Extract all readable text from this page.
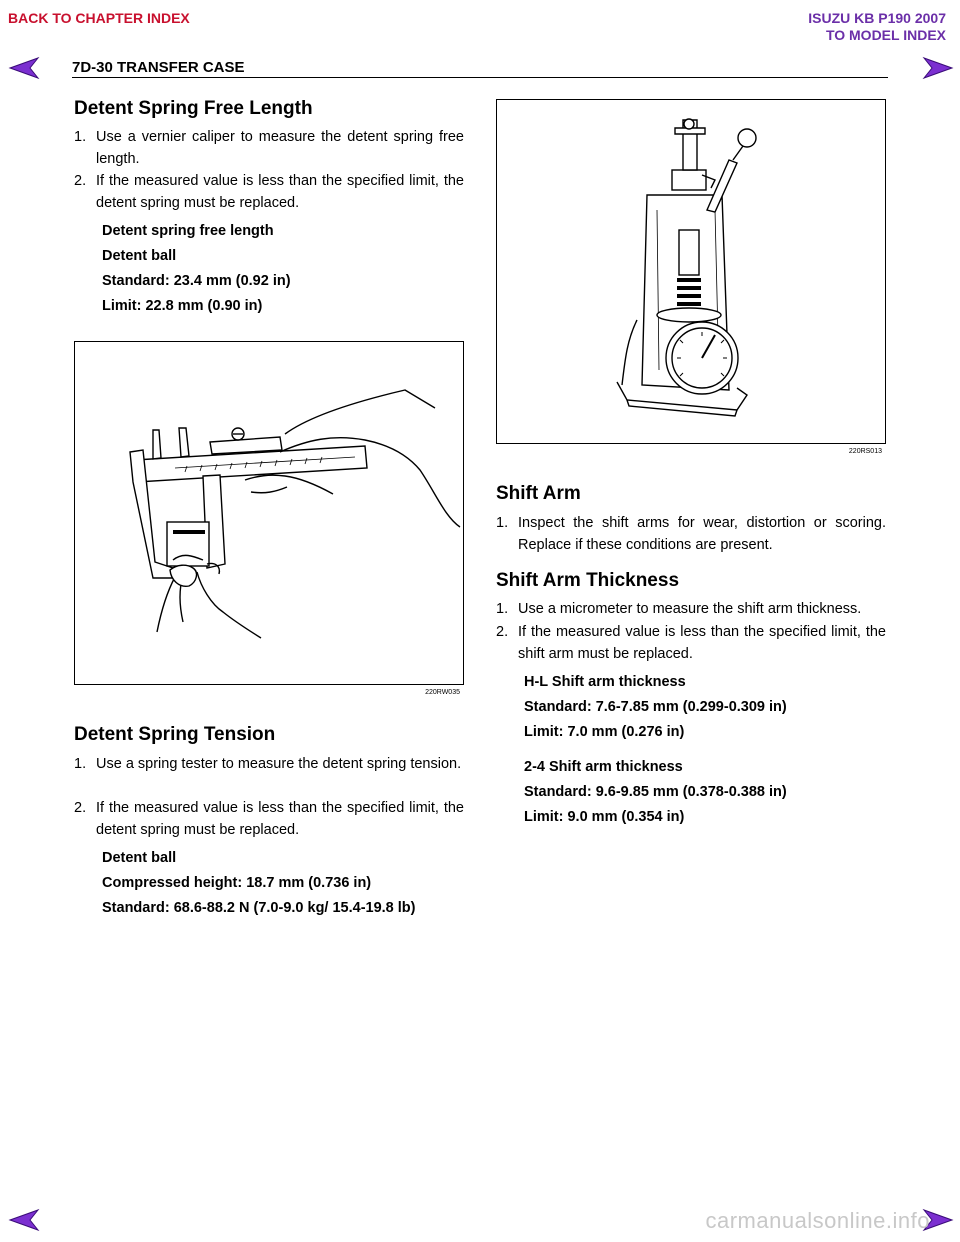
BACK TO CHAPTER INDEX	ISUZU KB P190 2007
TO MODEL INDEX
7D-30 TRANSFER CASE
Detent Spring Free Length
1. Use a vernier caliper to measure the detent spring free length.
2. If the measured value is less than the specified limit, the detent spring must be replaced.
Detent spring free length
Detent ball
Standard: 23.4 mm (0.92 in)
Limit: 22.8 mm (0.90 in)
220RW035
Detent Spring Tension
1. Use a spring tester to measure the detent spring tension.
2. If the measured value is less than the specified limit, the detent spring must be replaced.
Detent ball
Compressed height: 18.7 mm (0.736 in)
Standard: 68.6-88.2 N (7.0-9.0 kg/ 15.4-19.8 lb)
220RS013
Shift Arm
1. Inspect the shift arms for wear, distortion or scoring. Replace if these conditions are present.
Shift Arm Thickness
1. Use a micrometer to measure the shift arm thickness.
2. If the measured value is less than the specified limit, the shift arm must be replaced.
H-L Shift arm thickness
Standard: 7.6-7.85 mm (0.299-0.309 in)
Limit: 7.0 mm (0.276 in)
2-4 Shift arm thickness
Standard: 9.6-9.85 mm (0.378-0.388 in)
Limit: 9.0 mm (0.354 in)
carmanualsonline.info
